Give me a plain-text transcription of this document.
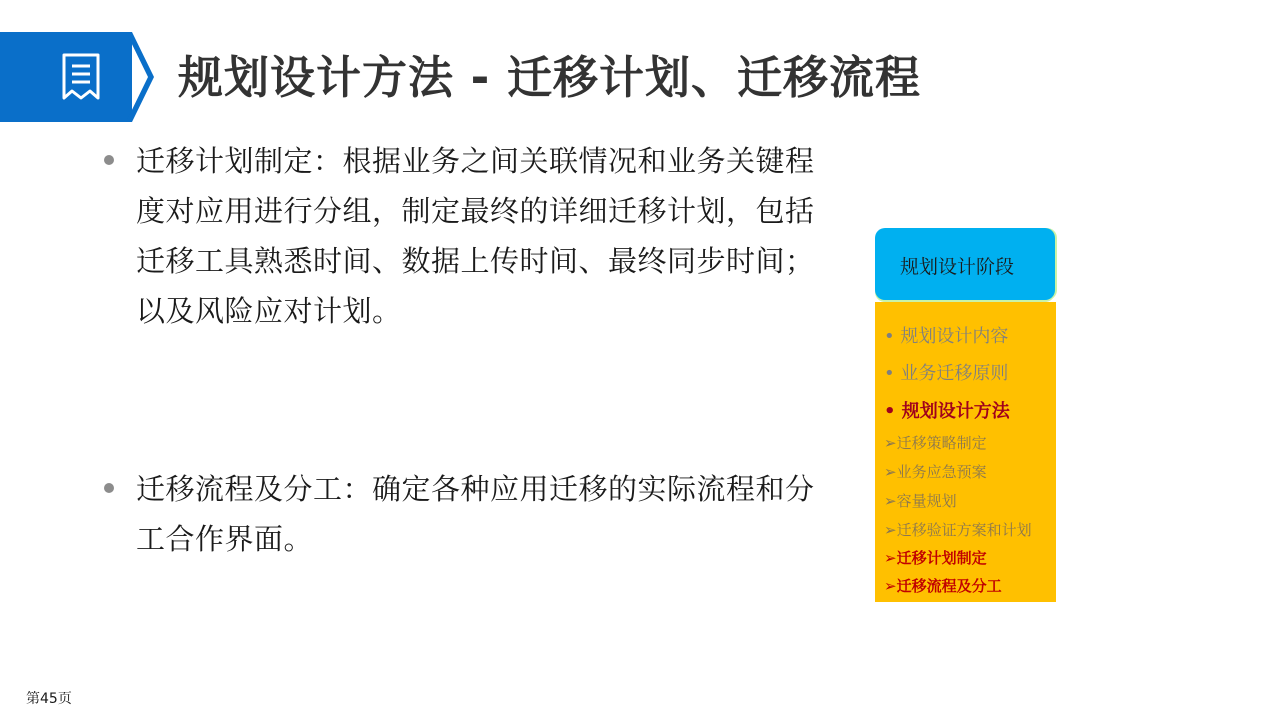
规划设计方法 - 迁移计划、迁移流程
迁移计划制定：根据业务之间关联情况和业务关键程度对应用进行分组，制定最终的详细迁移计划，包括迁移工具熟悉时间、数据上传时间、最终同步时间；以及风险应对计划。
迁移流程及分工：确定各种应用迁移的实际流程和分工合作界面。
规划设计阶段
• 规划设计内容
• 业务迁移原则
• 规划设计方法
➢迁移策略制定
➢业务应急预案
➢容量规划
➢迁移验证方案和计划
➢迁移计划制定
➢迁移流程及分工
第45页
